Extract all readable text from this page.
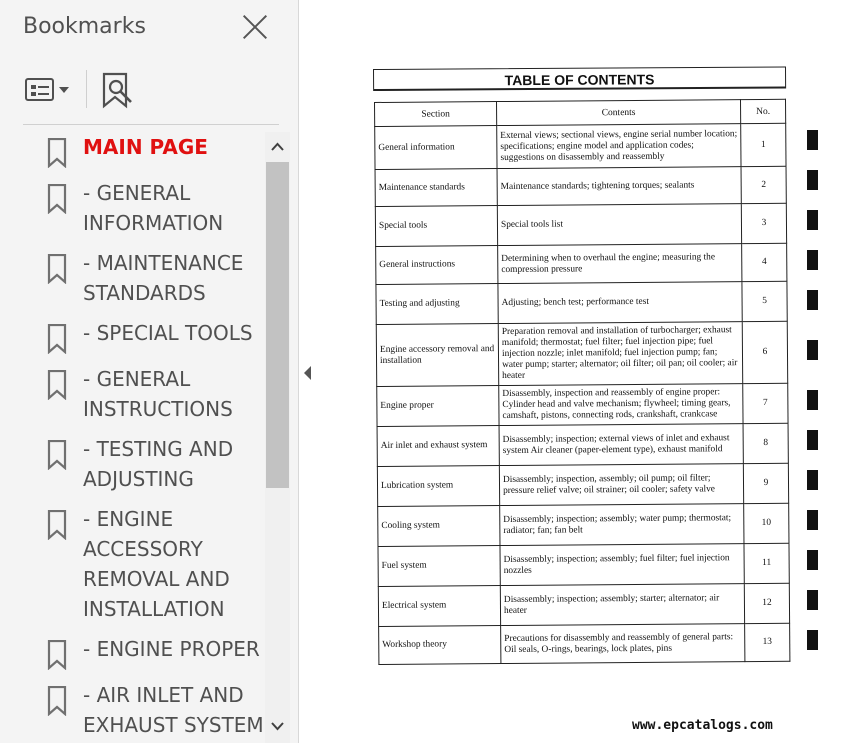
Bookmarks
MAIN PAGE
- GENERAL INFORMATION
- MAINTENANCE STANDARDS
- SPECIAL TOOLS
- GENERAL INSTRUCTIONS
- TESTING AND ADJUSTING
- ENGINE ACCESSORY REMOVAL AND INSTALLATION
- ENGINE PROPER
- AIR INLET AND EXHAUST SYSTEM
TABLE OF CONTENTS
Section	Contents	No.
General information	External views; sectional views, engine serial number location; specifications; engine model and application codes; suggestions on disassembly and reassembly	1
Maintenance standards	Maintenance standards; tightening torques; sealants	2
Special tools	Special tools list	3
General instructions	Determining when to overhaul the engine; measuring the compression pressure	4
Testing and adjusting	Adjusting; bench test; performance test	5
Engine accessory removal and installation	Preparation removal and installation of turbocharger; exhaust manifold; thermostat; fuel filter; fuel injection pipe; fuel injection nozzle; inlet manifold; fuel injection pump; fan; water pump; starter; alternator; oil filter; oil pan; oil cooler; air heater	6
Engine proper	Disassembly, inspection and reassembly of engine proper: Cylinder head and valve mechanism; flywheel; timing gears, camshaft, pistons, connecting rods, crankshaft, crankcase	7
Air inlet and exhaust system	Disassembly; inspection; external views of inlet and exhaust system Air cleaner (paper-element type), exhaust manifold	8
Lubrication system	Disassembly; inspection, assembly; oil pump; oil filter; pressure relief valve; oil strainer; oil cooler; safety valve	9
Cooling system	Disassembly; inspection; assembly; water pump; thermostat; radiator; fan; fan belt	10
Fuel system	Disassembly; inspection; assembly; fuel filter; fuel injection nozzles	11
Electrical system	Disassembly; inspection; assembly; starter; alternator; air heater	12
Workshop theory	Precautions for disassembly and reassembly of general parts: Oil seals, O-rings, bearings, lock plates, pins	13
www.epcatalogs.com
